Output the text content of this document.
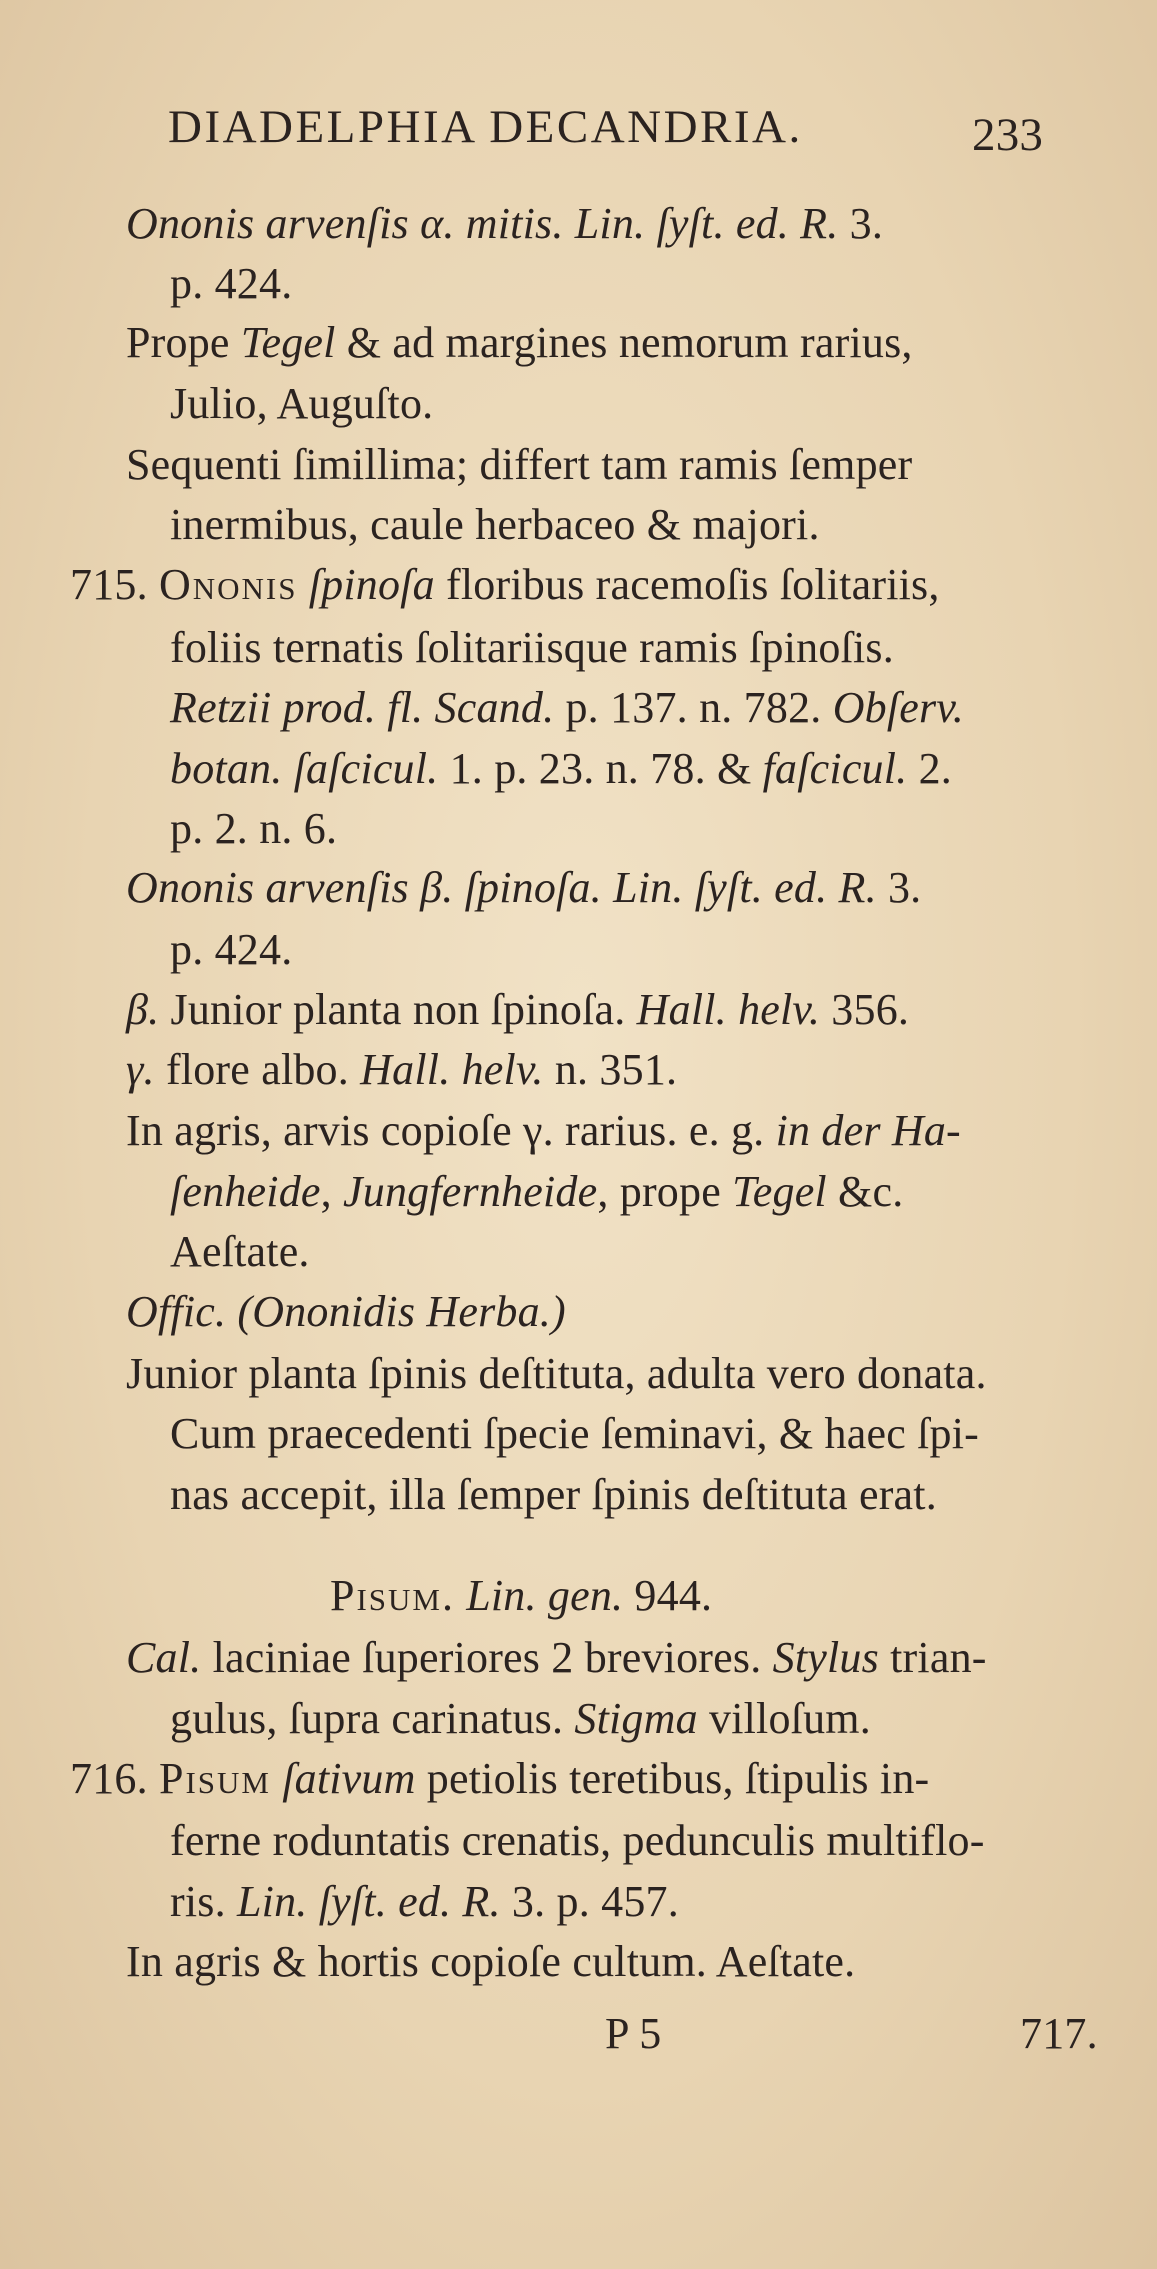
DIADELPHIA DECANDRIA.	233
Ononis arvenſis α. mitis. Lin. ſyſt. ed. R. 3.
p. 424.
Prope Tegel & ad margines nemorum rarius,
Julio, Auguſto.
Sequenti ſimillima; differt tam ramis ſemper
inermibus, caule herbaceo & majori.
715. Ononis ſpinoſa floribus racemoſis ſolitariis,
foliis ternatis ſolitariisque ramis ſpinoſis.
Retzii prod. fl. Scand. p. 137. n. 782. Obſerv.
botan. ſaſcicul. 1. p. 23. n. 78. & faſcicul. 2.
p. 2. n. 6.
Ononis arvenſis β. ſpinoſa. Lin. ſyſt. ed. R. 3.
p. 424.
β. Junior planta non ſpinoſa. Hall. helv. 356.
γ. flore albo. Hall. helv. n. 351.
In agris, arvis copioſe γ. rarius. e. g. in der Ha-
ſenheide, Jungfernheide, prope Tegel &c.
Aeſtate.
Offic. (Ononidis Herba.)
Junior planta ſpinis deſtituta, adulta vero donata.
Cum praecedenti ſpecie ſeminavi, & haec ſpi-
nas accepit, illa ſemper ſpinis deſtituta erat.
Pisum. Lin. gen. 944.
Cal. laciniae ſuperiores 2 breviores. Stylus trian-
gulus, ſupra carinatus. Stigma villoſum.
716. Pisum ſativum petiolis teretibus, ſtipulis in-
ferne roduntatis crenatis, pedunculis multiflo-
ris. Lin. ſyſt. ed. R. 3. p. 457.
In agris & hortis copioſe cultum. Aeſtate.
P 5	717.
